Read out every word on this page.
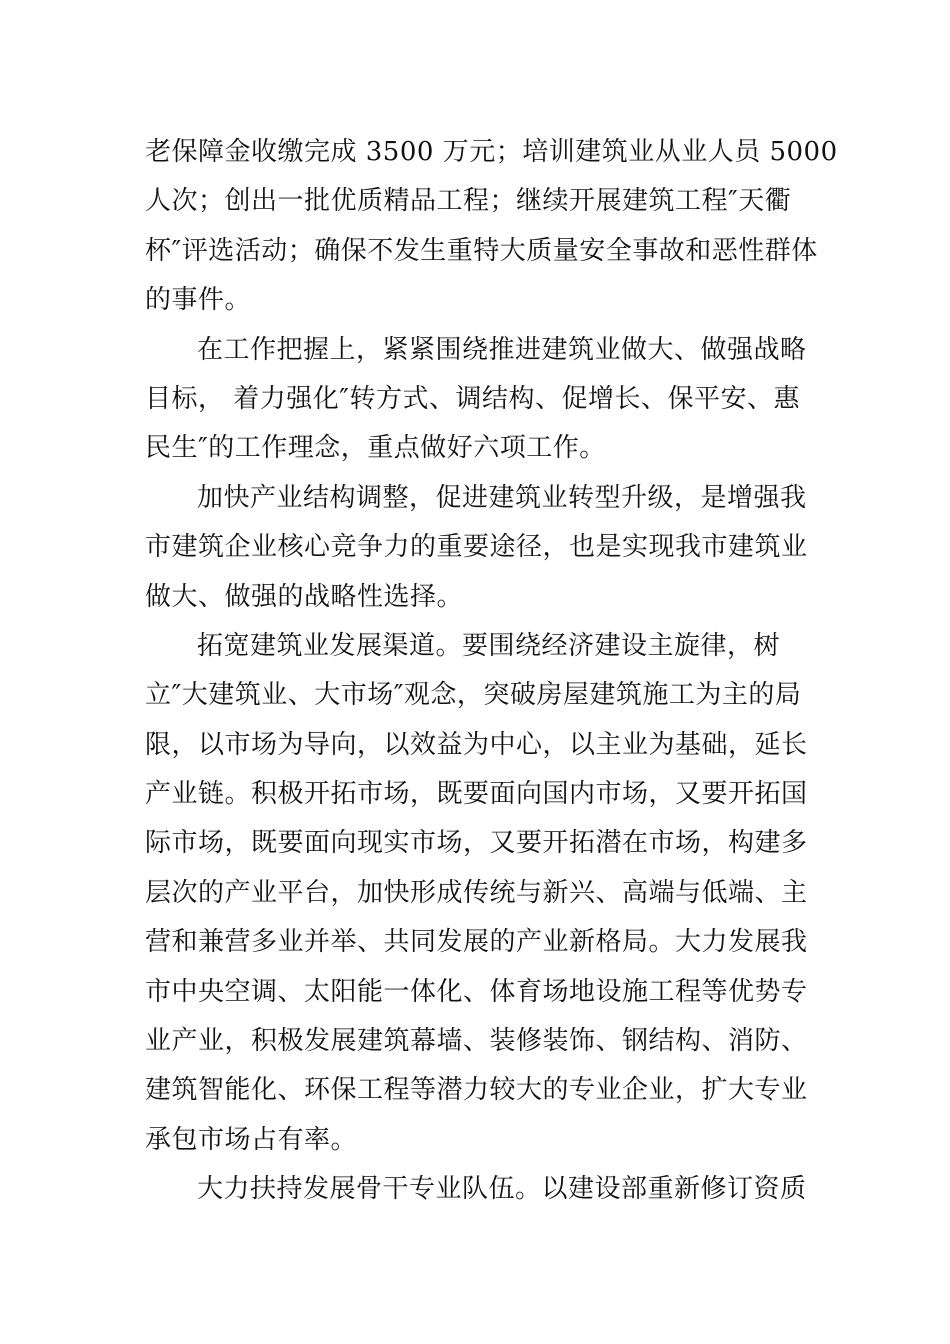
老保障金收缴完成 3500 万元；培训建筑业从业人员 5000
人次；创出一批优质精品工程；继续开展建筑工程″天衢
杯″评选活动；确保不发生重特大质量安全事故和恶性群体
的事件。
在工作把握上，紧紧围绕推进建筑业做大、做强战略
目标， 着力强化″转方式、调结构、促增长、保平安、惠
民生″的工作理念，重点做好六项工作。
加快产业结构调整，促进建筑业转型升级，是增强我
市建筑企业核心竞争力的重要途径，也是实现我市建筑业
做大、做强的战略性选择。
拓宽建筑业发展渠道。要围绕经济建设主旋律，树
立″大建筑业、大市场″观念，突破房屋建筑施工为主的局
限，以市场为导向，以效益为中心，以主业为基础，延长
产业链。积极开拓市场，既要面向国内市场，又要开拓国
际市场，既要面向现实市场，又要开拓潜在市场，构建多
层次的产业平台，加快形成传统与新兴、高端与低端、主
营和兼营多业并举、共同发展的产业新格局。大力发展我
市中央空调、太阳能一体化、体育场地设施工程等优势专
业产业，积极发展建筑幕墙、装修装饰、钢结构、消防、
建筑智能化、环保工程等潜力较大的专业企业，扩大专业
承包市场占有率。
大力扶持发展骨干专业队伍。以建设部重新修订资质
